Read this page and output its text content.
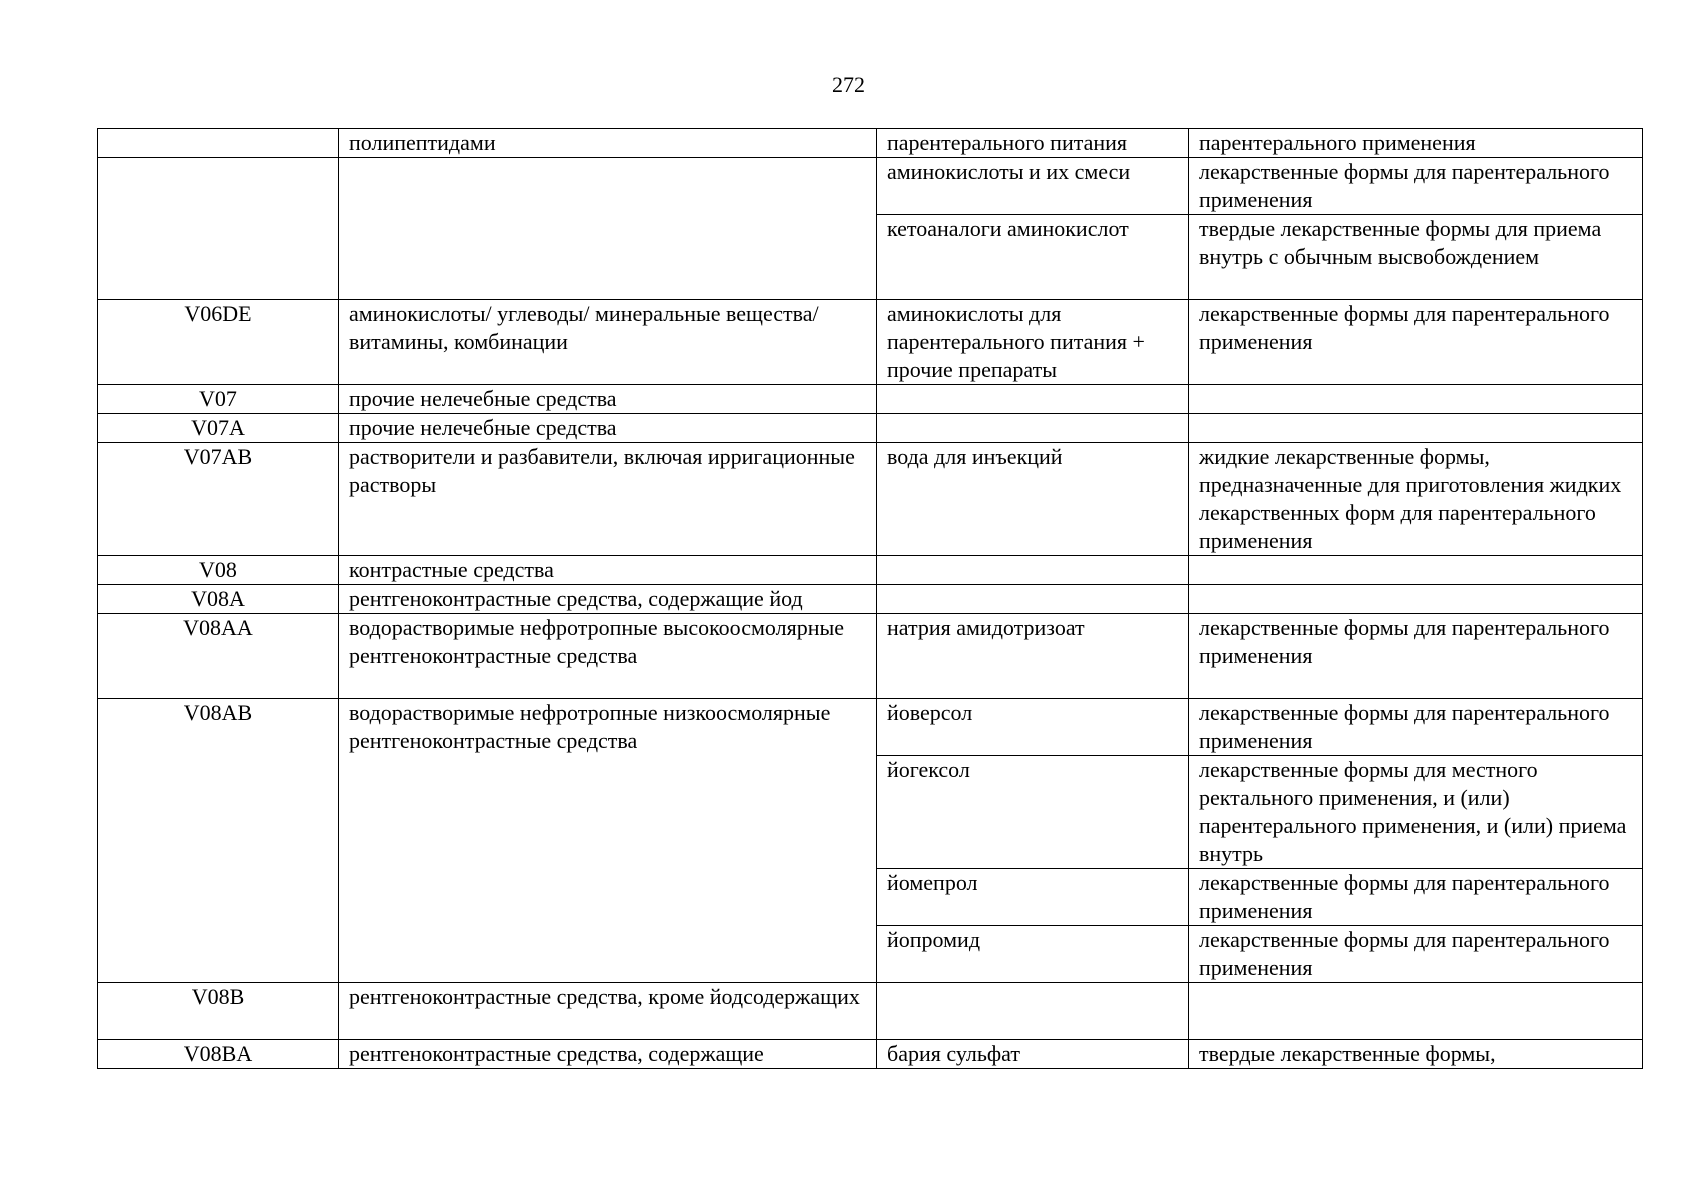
272
	полипептидами	парентерального питания	парентерального применения
		аминокислоты и их смеси	лекарственные формы для парентерального применения
		кетоаналоги аминокислот	твердые лекарственные формы для приема внутрь с обычным высвобождением
V06DE	аминокислоты/ углеводы/ минеральные вещества/ витамины, комбинации	аминокислоты для парентерального питания + прочие препараты	лекарственные формы для парентерального применения
V07	прочие нелечебные средства		
V07A	прочие нелечебные средства		
V07AB	растворители и разбавители, включая ирригационные растворы	вода для инъекций	жидкие лекарственные формы, предназначенные для приготовления жидких лекарственных форм для парентерального применения
V08	контрастные средства		
V08A	рентгеноконтрастные средства, содержащие йод		
V08AA	водорастворимые нефротропные высокоосмолярные рентгеноконтрастные средства	натрия амидотризоат	лекарственные формы для парентерального применения
V08AB	водорастворимые нефротропные низкоосмолярные рентгеноконтрастные средства	йоверсол	лекарственные формы для парентерального применения
		йогексол	лекарственные формы для местного ректального применения, и (или) парентерального применения, и (или) приема внутрь
		йомепрол	лекарственные формы для парентерального применения
		йопромид	лекарственные формы для парентерального применения
V08B	рентгеноконтрастные средства, кроме йодсодержащих		
V08BA	рентгеноконтрастные средства, содержащие	бария сульфат	твердые лекарственные формы,
